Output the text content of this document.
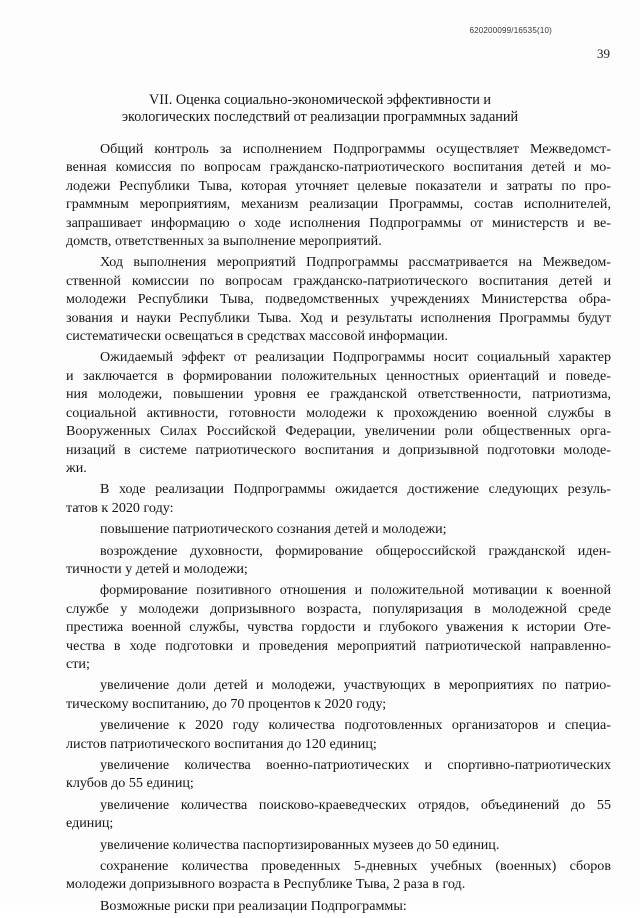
620200099/16535(10)
39
VII. Оценка социально-экономической эффективности и
экологических последствий от реализации программных заданий
Общий контроль за исполнением Подпрограммы осуществляет Межведомст-
венная комиссия по вопросам гражданско-патриотического воспитания детей и мо-
лодежи Республики Тыва, которая уточняет целевые показатели и затраты по про-
граммным мероприятиям, механизм реализации Программы, состав исполнителей,
запрашивает информацию о ходе исполнения Подпрограммы от министерств и ве-
домств, ответственных за выполнение мероприятий.
Ход выполнения мероприятий Подпрограммы рассматривается на Межведом-
ственной комиссии по вопросам гражданско-патриотического воспитания детей и
молодежи Республики Тыва, подведомственных учреждениях Министерства обра-
зования и науки Республики Тыва. Ход и результаты исполнения Программы будут
систематически освещаться в средствах массовой информации.
Ожидаемый эффект от реализации Подпрограммы носит социальный характер
и заключается в формировании положительных ценностных ориентаций и поведе-
ния молодежи, повышении уровня ее гражданской ответственности, патриотизма,
социальной активности, готовности молодежи к прохождению военной службы в
Вооруженных Силах Российской Федерации, увеличении роли общественных орга-
низаций в системе патриотического воспитания и допризывной подготовки молоде-
жи.
В ходе реализации Подпрограммы ожидается достижение следующих резуль-
татов к 2020 году:
повышение патриотического сознания детей и молодежи;
возрождение духовности, формирование общероссийской гражданской иден-
тичности у детей и молодежи;
формирование позитивного отношения и положительной мотивации к военной
службе у молодежи допризывного возраста, популяризация в молодежной среде
престижа военной службы, чувства гордости и глубокого уважения к истории Оте-
чества в ходе подготовки и проведения мероприятий патриотической направленно-
сти;
увеличение доли детей и молодежи, участвующих в мероприятиях по патрио-
тическому воспитанию, до 70 процентов к 2020 году;
увеличение к 2020 году количества подготовленных организаторов и специа-
листов патриотического воспитания до 120 единиц;
увеличение количества военно-патриотических и спортивно-патриотических
клубов до 55 единиц;
увеличение количества поисково-краеведческих отрядов, объединений до 55
единиц;
увеличение количества паспортизированных музеев до 50 единиц.
сохранение количества проведенных 5-дневных учебных (военных) сборов
молодежи допризывного возраста в Республике Тыва, 2 раза в год.
Возможные риски при реализации Подпрограммы:
